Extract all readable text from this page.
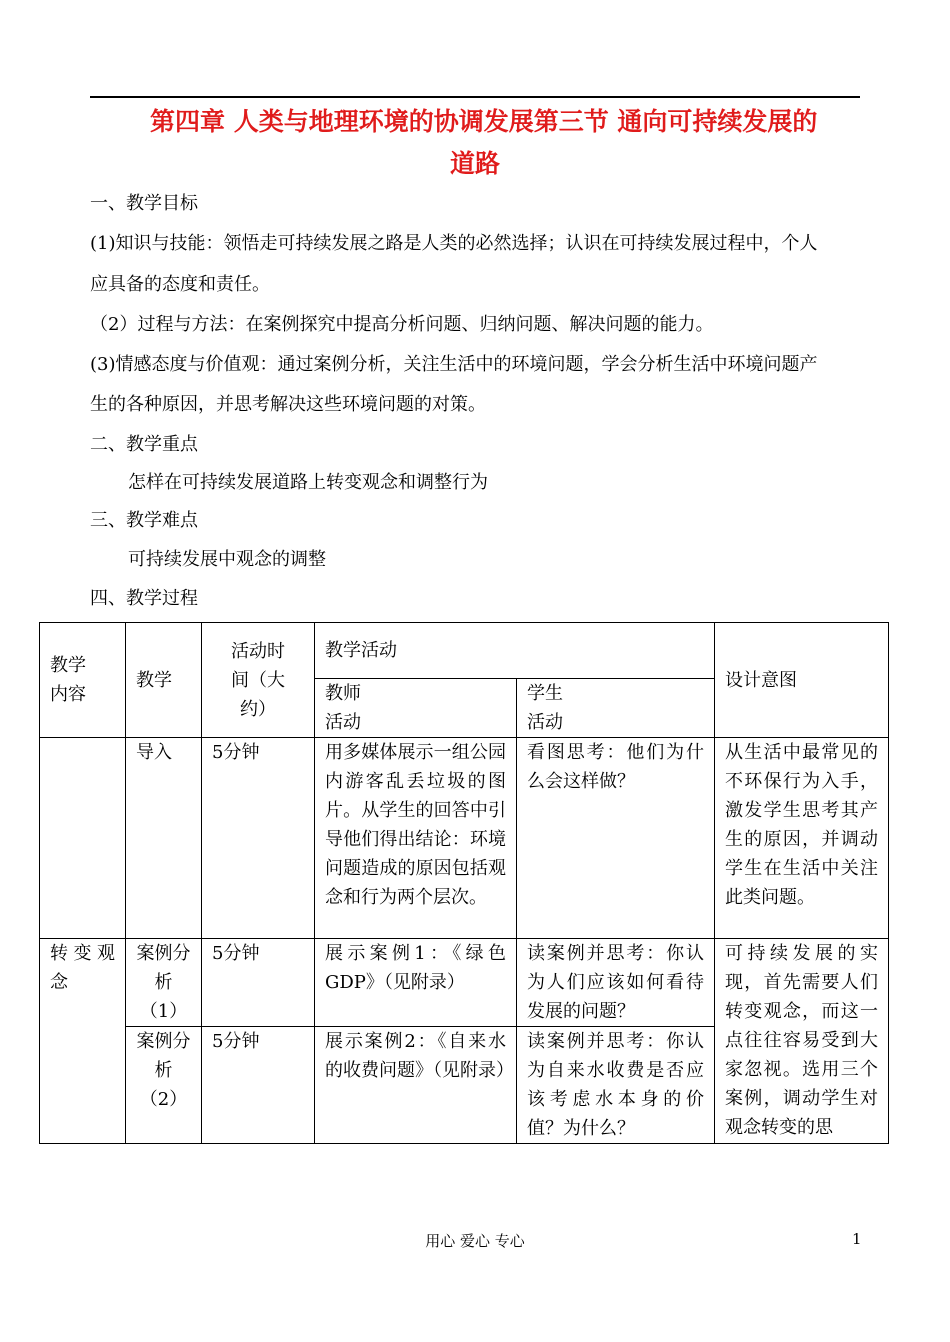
第四章 人类与地理环境的协调发展第三节 通向可持续发展的
道路
一、教学目标
(1)知识与技能：领悟走可持续发展之路是人类的必然选择；认识在可持续发展过程中，个人
应具备的态度和责任。
（2）过程与方法：在案例探究中提高分析问题、归纳问题、解决问题的能力。
(3)情感态度与价值观：通过案例分析，关注生活中的环境问题，学会分析生活中环境问题产
生的各种原因，并思考解决这些环境问题的对策。
二、教学重点
怎样在可持续发展道路上转变观念和调整行为
三、教学难点
可持续发展中观念的调整
四、教学过程
教学内容	教学	活动时间（大约）	教学活动		设计意图
			教师活动	学生活动	
	导入	5分钟	用多媒体展示一组公园内游客乱丢垃圾的图片。从学生的回答中引导他们得出结论：环境问题造成的原因包括观念和行为两个层次。	看图思考：他们为什么会这样做？	从生活中最常见的不环保行为入手，激发学生思考其产生的原因，并调动学生在生活中关注此类问题。
转变观念	案例分析（1）	5分钟	展示案例1：《绿色GDP》（见附录）	读案例并思考：你认为人们应该如何看待发展的问题？	可持续发展的实现，首先需要人们转变观念，而这一点往往容易受到大家忽视。选用三个案例，调动学生对观念转变的思
	案例分析（2）	5分钟	展示案例2：《自来水的收费问题》（见附录）	读案例并思考：你认为自来水收费是否应该考虑水本身的价值？为什么？	
用心 爱心 专心	1
